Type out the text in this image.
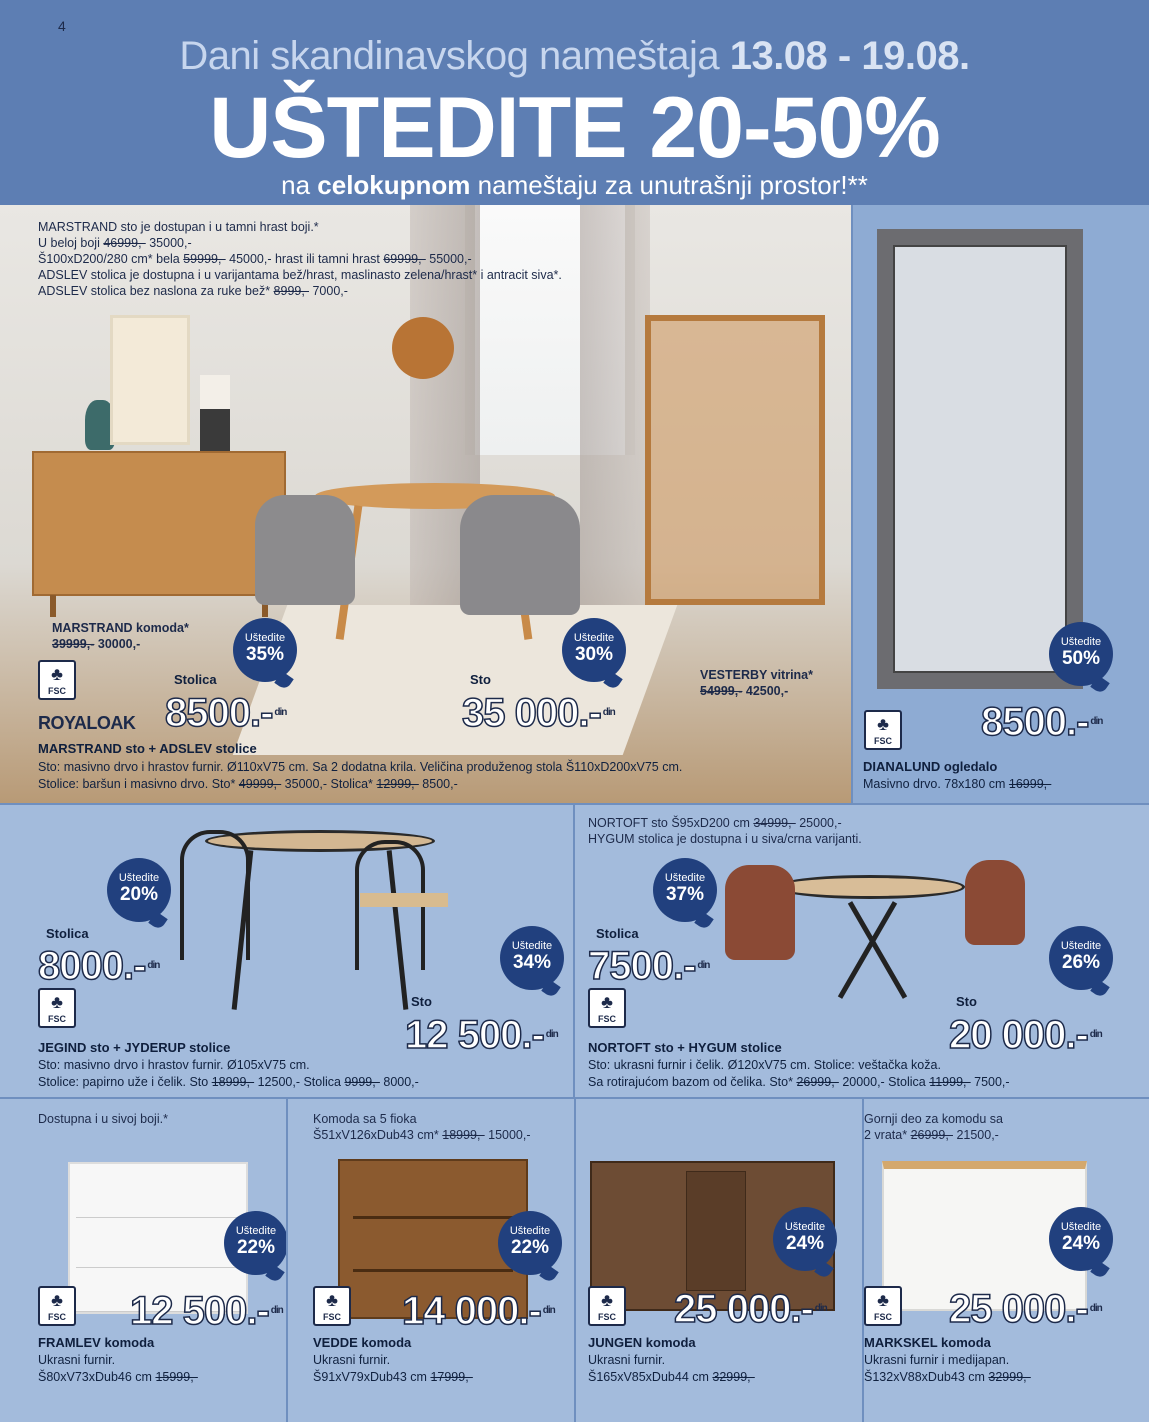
4
Dani skandinavskog nameštaja 13.08 - 19.08.
UŠTEDITE 20-50%
na celokupnom nameštaju za unutrašnji prostor!**
MARSTRAND sto je dostupan i u tamni hrast boji.*
U beloj boji 46999,- 35000,-
Š100xD200/280 cm* bela 59999,- 45000,- hrast ili tamni hrast 69999,- 55000,-
ADSLEV stolica je dostupna i u varijantama bež/hrast, maslinasto zelena/hrast* i antracit siva*.
ADSLEV stolica bez naslona za ruke bež* 8999,- 7000,-
MARSTRAND komoda*
39999,- 30000,-
VESTERBY vitrina*
54999,- 42500,-
Uštedite
35%
Uštedite
30%
♣
FSC
ROYALOAK
Stolica
8500.- $^{din}$
Sto
35 000.- $^{din}$
MARSTRAND sto + ADSLEV stolice
Sto: masivno drvo i hrastov furnir. Ø110xV75 cm. Sa 2 dodatna krila. Veličina produženog stola Š110xD200xV75 cm.
Stolice: baršun i masivno drvo. Sto* 49999,- 35000,- Stolica* 12999,- 8500,-
Uštedite
50%
♣
FSC 8500.- $^{din}$
DIANALUND ogledalo
Masivno drvo. 78x180 cm 16999,-
Uštedite
20%
Uštedite
34%
Stolica
8000.- $^{din}$
♣
FSC
Sto
12 500.- $^{din}$
JEGIND sto + JYDERUP stolice
Sto: masivno drvo i hrastov furnir. Ø105xV75 cm.
Stolice: papirno uže i čelik. Sto 18999,- 12500,- Stolica 9999,- 8000,-
NORTOFT sto Š95xD200 cm 34999,- 25000,-
HYGUM stolica je dostupna i u siva/crna varijanti.
Uštedite
37%
Uštedite
26%
Stolica
7500.- $^{din}$
♣
FSC
Sto
20 000.- $^{din}$
NORTOFT sto + HYGUM stolice
Sto: ukrasni furnir i čelik. Ø120xV75 cm. Stolice: veštačka koža.
Sa rotirajućom bazom od čelika. Sto* 26999,- 20000,- Stolica 11999,- 7500,-
Dostupna i u sivoj boji.*
Uštedite
22%
♣
FSC 12 500.- $^{din}$
FRAMLEV komoda
Ukrasni furnir.
Š80xV73xDub46 cm 15999,-
Komoda sa 5 fioka
Š51xV126xDub43 cm* 18999,- 15000,-
Uštedite
22%
♣
FSC 14 000.- $^{din}$
VEDDE komoda
Ukrasni furnir.
Š91xV79xDub43 cm 17999,-
Uštedite
24%
♣
FSC 25 000.- $^{din}$
JUNGEN komoda
Ukrasni furnir.
Š165xV85xDub44 cm 32999,-
Gornji deo za komodu sa
2 vrata* 26999,- 21500,-
Uštedite
24%
♣
FSC 25 000.- $^{din}$
MARKSKEL komoda
Ukrasni furnir i medijapan.
Š132xV88xDub43 cm 32999,-
